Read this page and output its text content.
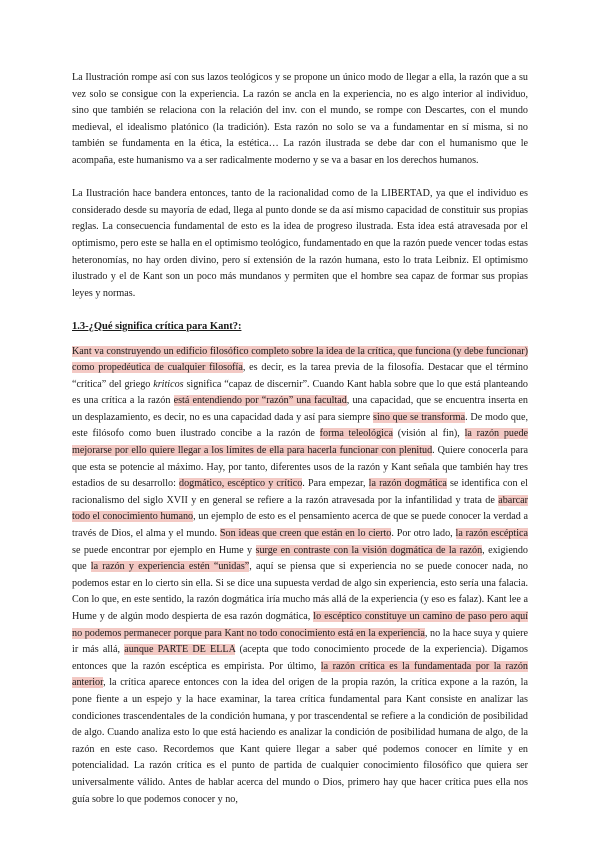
La Ilustración rompe así con sus lazos teológicos y se propone un único modo de llegar a ella, la razón que a su vez solo se consigue con la experiencia. La razón se ancla en la experiencia, no es algo interior al individuo, sino que también se relaciona con la relación del inv. con el mundo, se rompe con Descartes, con el mundo medieval, el idealismo platónico (la tradición). Esta razón no solo se va a fundamentar en sí misma, si no también se fundamenta en la ética, la estética… La razón ilustrada se debe dar con el humanismo que le acompaña, este humanismo va a ser radicalmente moderno y se va a basar en los derechos humanos.

La Ilustración hace bandera entonces, tanto de la racionalidad como de la LIBERTAD, ya que el individuo es considerado desde su mayoría de edad, llega al punto donde se da así mismo capacidad de constituir sus propias reglas. La consecuencia fundamental de esto es la idea de progreso ilustrada. Esta idea está atravesada por el optimismo, pero este se halla en el optimismo teológico, fundamentado en que la razón puede vencer todas estas heteronomías, no hay orden divino, pero sí extensión de la razón humana, esto lo trata Leibniz. El optimismo ilustrado y el de Kant son un poco más mundanos y permiten que el hombre sea capaz de formar sus propias leyes y normas.

1.3-¿Qué significa crítica para Kant?:

Kant va construyendo un edificio filosófico completo sobre la idea de la crítica, que funciona (y debe funcionar) como propedéutica de cualquier filosofía, es decir, es la tarea previa de la filosofía. Destacar que el término “crítica” del griego kriticos significa “capaz de discernir”. Cuando Kant habla sobre que lo que está planteando es una crítica a la razón está entendiendo por “razón” una facultad, una capacidad, que se encuentra inserta en un desplazamiento, es decir, no es una capacidad dada y así para siempre sino que se transforma. De modo que, este filósofo como buen ilustrado concibe a la razón de forma teleológica (visión al fin), la razón puede mejorarse por ello quiere llegar a los límites de ella para hacerla funcionar con plenitud. Quiere conocerla para que esta se potencie al máximo. Hay, por tanto, diferentes usos de la razón y Kant señala que también hay tres estadios de su desarrollo: dogmático, escéptico y crítico. Para empezar, la razón dogmática se identifica con el racionalismo del siglo XVII y en general se refiere a la razón atravesada por la infantilidad y trata de abarcar todo el conocimiento humano, un ejemplo de esto es el pensamiento acerca de que se puede conocer la verdad a través de Dios, el alma y el mundo. Son ideas que creen que están en lo cierto. Por otro lado, la razón escéptica se puede encontrar por ejemplo en Hume y surge en contraste con la visión dogmática de la razón, exigiendo que la razón y experiencia estén “unidas”, aquí se piensa que si experiencia no se puede conocer nada, no podemos estar en lo cierto sin ella. Si se dice una supuesta verdad de algo sin experiencia, esto sería una falacia. Con lo que, en este sentido, la razón dogmática iría mucho más allá de la experiencia (y eso es falaz). Kant lee a Hume y de algún modo despierta de esa razón dogmática, lo escéptico constituye un camino de paso pero aquí no podemos permanecer porque para Kant no todo conocimiento está en la experiencia, no la hace suya y quiere ir más allá, aunque PARTE DE ELLA (acepta que todo conocimiento procede de la experiencia). Digamos entonces que la razón escéptica es empirista. Por último, la razón crítica es la fundamentada por la razón anterior, la crítica aparece entonces con la idea del origen de la propia razón, la crítica expone a la razón, la pone fiente a un espejo y la hace examinar, la tarea crítica fundamental para Kant consiste en analizar las condiciones trascendentales de la condición humana, y por trascendental se refiere a la condición de posibilidad de algo. Cuando analiza esto lo que está haciendo es analizar la condición de posibilidad humana de algo, de la razón en este caso. Recordemos que Kant quiere llegar a saber qué podemos conocer en límite y en potencialidad. La razón crítica es el punto de partida de cualquier conocimiento filosófico que quiera ser universalmente válido. Antes de hablar acerca del mundo o Dios, primero hay que hacer crítica pues ella nos guía sobre lo que podemos conocer y no,
